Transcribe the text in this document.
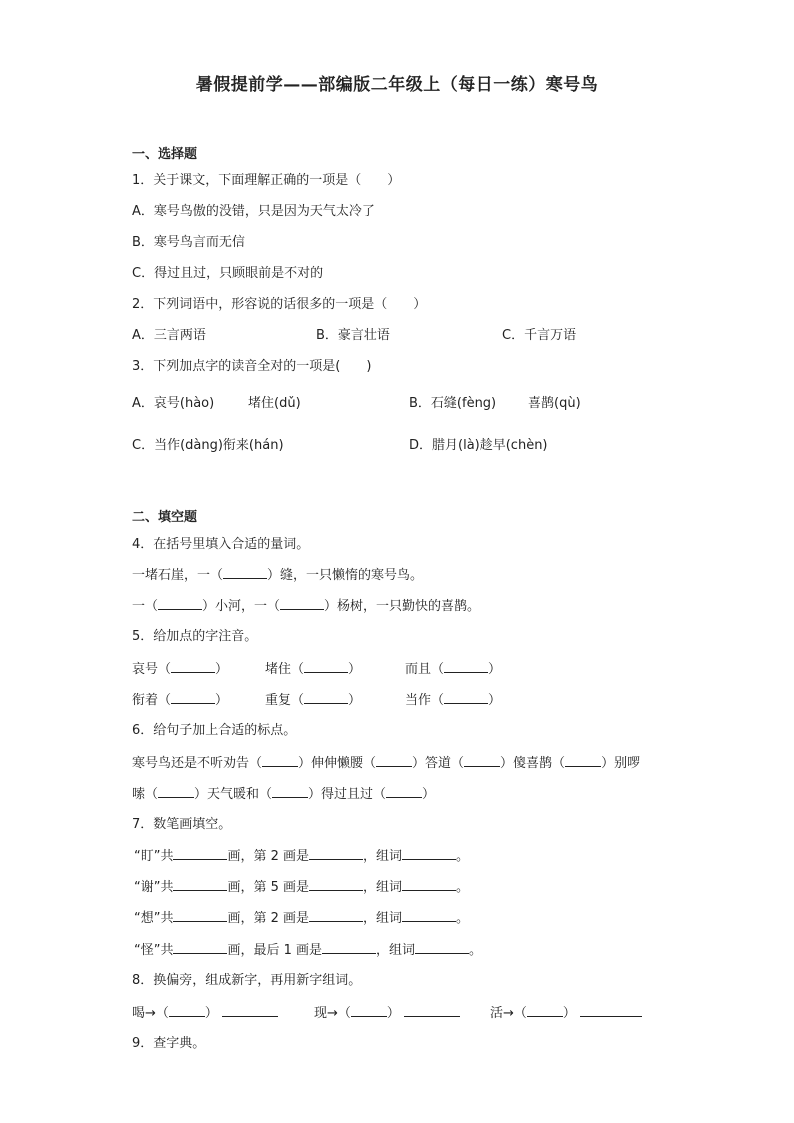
暑假提前学——部编版二年级上（每日一练）寒号鸟
一、选择题
1．关于课文，下面理解正确的一项是（　　）
A．寒号鸟傲的没错，只是因为天气太冷了
B．寒号鸟言而无信
C．得过且过，只顾眼前是不对的
2．下列词语中，形容说的话很多的一项是（　　）
A．三言两语	B．豪言壮语	C．千言万语
3．下列加点字的读音全对的一项是(　　)
A．哀号(hào)	堵住(dǔ)	B．石缝(fèng) 喜鹊(qù)
C．当作(dàng)衔来(hán)	D．腊月(là)趁早(chèn)
二、填空题
4．在括号里填入合适的量词。
一堵石崖，一（	）缝，一只懒惰的寒号鸟。
一（	）小河，一（	）杨树，一只勤快的喜鹊。
5．给加点的字注音。
哀号（	）	堵住（	）	而且（	）
衔着（	）	重复（	）	当作（	）
6．给句子加上合适的标点。
寒号鸟还是不听劝告（	）伸伸懒腰（	）答道（	）傻喜鹊（	）别啰
嗦（	）天气暖和（	）得过且过（	）
7．数笔画填空。
“盯”共	画，第 2 画是	，组词	。
“谢”共	画，第 5 画是	，组词	。
“想”共	画，第 2 画是	，组词	。
“怪”共	画，最后 1 画是	，组词	。
8．换偏旁，组成新字，再用新字组词。
喝→（	）	现→（	）	活→（	）
9．查字典。
